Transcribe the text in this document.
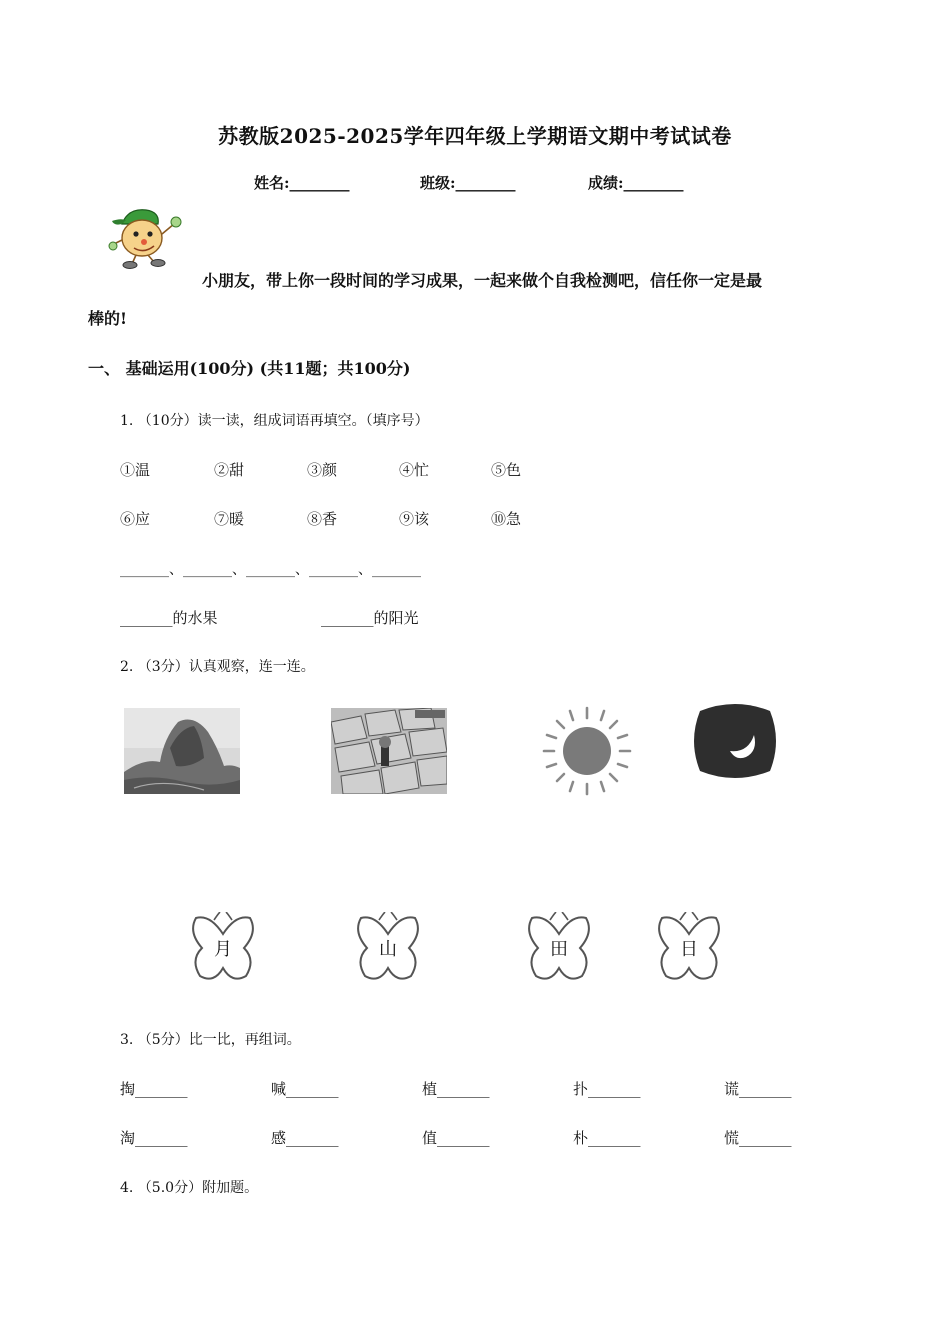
苏教版2025-2025学年四年级上学期语文期中考试试卷
姓名:________	班级:________	成绩:________
小朋友，带上你一段时间的学习成果，一起来做个自我检测吧，信任你一定是最
棒的!
一、 基础运用(100分) (共11题；共100分)
1. （10分）读一读，组成词语再填空。（填序号）
①温	②甜	③颜	④忙	⑤色
⑥应	⑦暖	⑧香	⑨该	⑩急
_______、_______、_______、_______、_______
_______的水果	_______的阳光
2. （3分）认真观察，连一连。
月	山	田	日
3. （5分）比一比，再组词。
掏_______	喊_______	植_______	扑_______	谎_______
淘_______	感_______	值_______	朴_______	慌_______
4. （5.0分）附加题。
